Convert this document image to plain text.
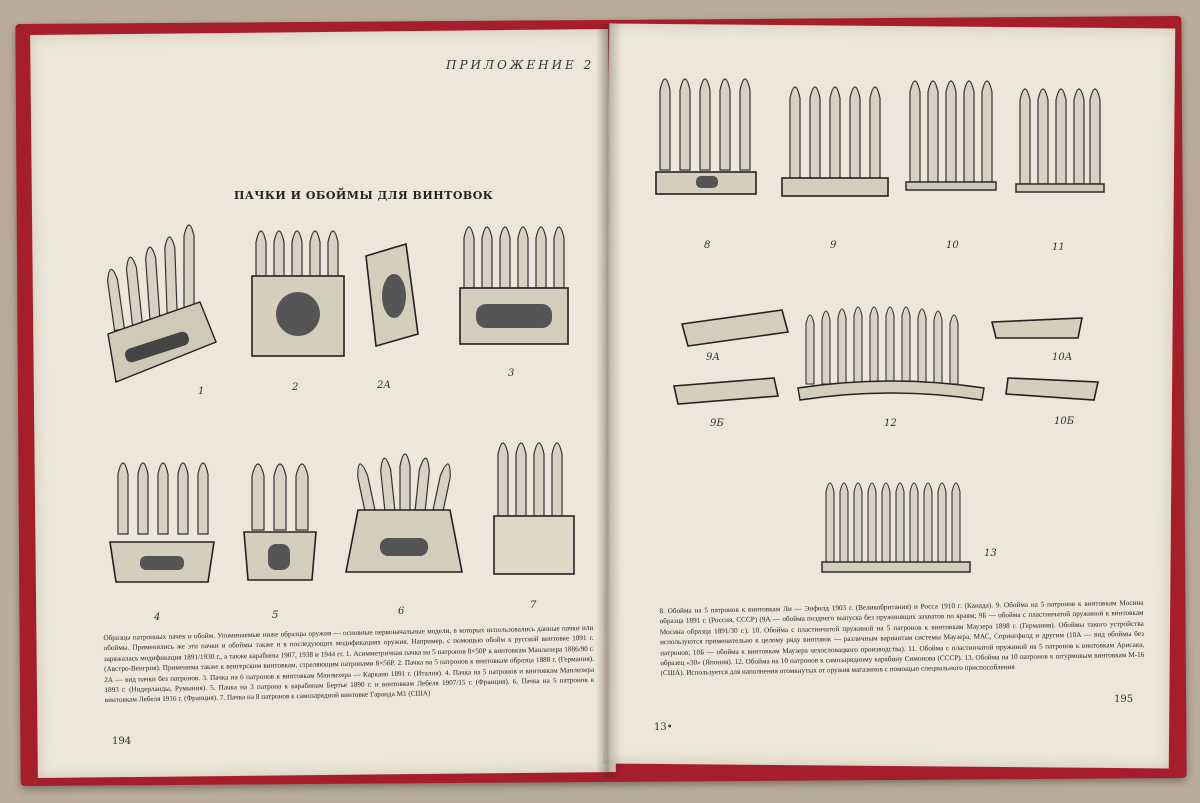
ПРИЛОЖЕНИЕ 2
ПАЧКИ И ОБОЙМЫ ДЛЯ ВИНТОВОК
1	2	2А
3
4	5	6
7
Образцы патронных пачек и обойм. Упоминаемые ниже образцы оружия — основные первоначальные модели, в которых использовались данные пачки или обоймы. Применялись же эти пачки и обоймы также и в последующих модификациях оружия. Например, с помощью обойм к русской винтовке 1891 г. заряжалась модификация 1891/1930 г., а также карабины 1907, 1938 и 1944 гг. 1. Асимметричная пачка на 5 патронов 8×50Р к винтовкам Манлихера 1886/90 г. (Австро-Венгрия). Применима также к венгерским винтовкам, стреляющим патронами 8×56Р. 2. Пачка на 5 патронов к винтовкам образца 1888 г. (Германия). 2А — вид пачки без патронов. 3. Пачка на 6 патронов к винтовкам Манлихера — Каркано 1891 г. (Италия). 4. Пачка на 5 патронов и винтовкам Манлихера 1893 г. (Нидерланды, Румыния). 5. Пачка на 3 патрона к карабинам Бертье 1890 г. и винтовкам Лебеля 1907/15 г. (Франция). 6. Пачка на 5 патронов к винтовкам Лебеля 1916 г. (Франция). 7. Пачка на 8 патронов к самозарядной винтовке Гаранда М1 (США)
194
8	9	10	11
9А
12
10А
9Б	10Б
13
8. Обойма на 5 патронов к винтовкам Ли — Энфилд 1903 г. (Великобритания) и Росса 1910 г. (Канада). 9. Обойма на 5 патронов к винтовкам Мосина образца 1891 г. (Россия, СССР) (9А — обойма позднего выпуска без пружинящих захватов по краям; 9Б — обойма с пластинчатой пружиной к винтовкам Мосина образца 1891/30 г.). 10. Обойма с пластинчатой пружиной на 5 патронов к винтовкам Маузера 1898 г. (Германия). Обоймы такого устройства используются применительно к целому ряду винтовок — различным вариантам системы Маузера, МАС, Спрингфилд и другим (10А — вид обоймы без патронов; 10Б — обойма к винтовкам Маузера чехословацкого производства). 11. Обойма с пластинчатой пружиной на 5 патронов к винтовкам Арисака, образец «30» (Япония). 12. Обойма на 10 патронов к самозарядному карабину Симонова (СССР). 13. Обойма на 10 патронов к штурмовым винтовкам М-16 (США). Используется для наполнения отомкнутых от оружия магазинов с помощью специального приспособления
13•
195
